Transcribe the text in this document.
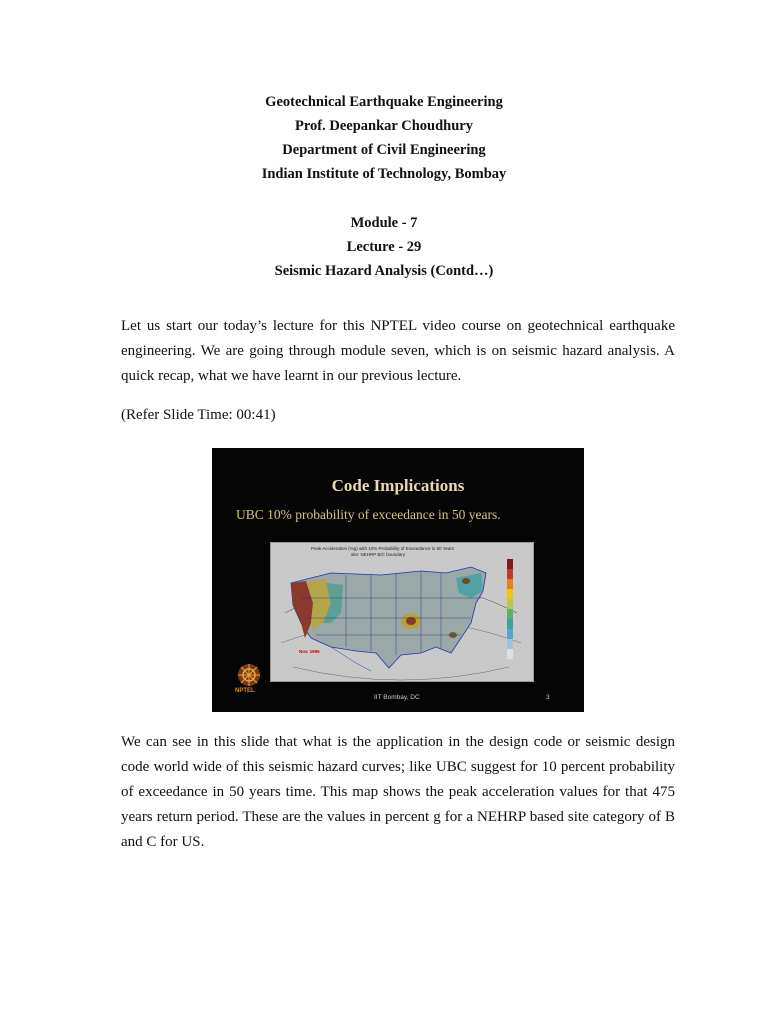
Geotechnical Earthquake Engineering
Prof. Deepankar Choudhury
Department of Civil Engineering
Indian Institute of Technology, Bombay
Module - 7
Lecture - 29
Seismic Hazard Analysis (Contd…)

Let us start our today’s lecture for this NPTEL video course on geotechnical earthquake engineering. We are going through module seven, which is on seismic hazard analysis. A quick recap, what we have learnt in our previous lecture.

(Refer Slide Time: 00:41)

Code Implications
UBC 10% probability of exceedance in 50 years.
Peak Acceleration (%g) with 10% Probability of Exceedance in 50 Years
site: NEHRP B/C boundary
Nov. 1996
NPTEL
IIT Bombay, DC	3

We can see in this slide that what is the application in the design code or seismic design code world wide of this seismic hazard curves; like UBC suggest for 10 percent probability of exceedance in 50 years time. This map shows the peak acceleration values for that 475 years return period. These are the values in percent g for a NEHRP based site category of B and C for US.
